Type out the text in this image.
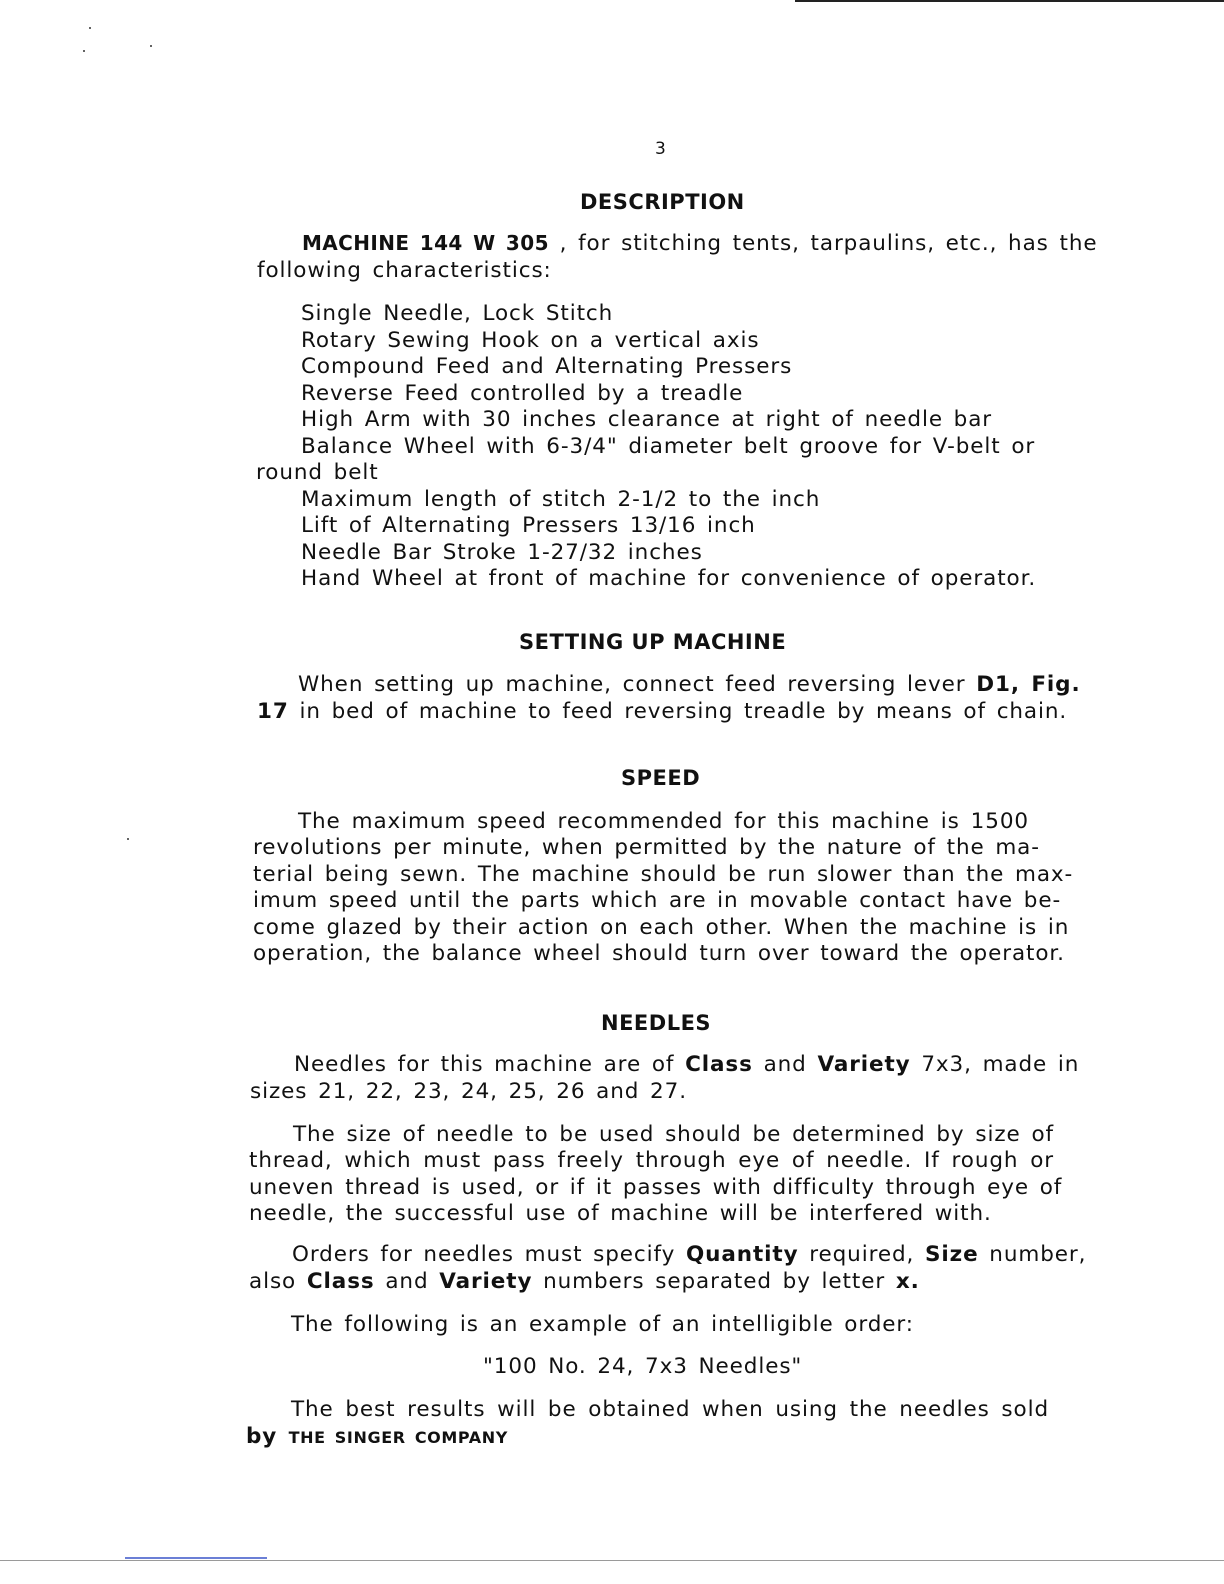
3
DESCRIPTION
MACHINE 144 W 305 , for stitching tents, tarpaulins, etc., has the
following characteristics:
Single Needle, Lock Stitch
Rotary Sewing Hook on a vertical axis
Compound Feed and Alternating Pressers
Reverse Feed controlled by a treadle
High Arm with 30 inches clearance at right of needle bar
Balance Wheel with 6-3/4" diameter belt groove for V-belt or
round belt
Maximum length of stitch 2-1/2 to the inch
Lift of Alternating Pressers 13/16 inch
Needle Bar Stroke 1-27/32 inches
Hand Wheel at front of machine for convenience of operator.
SETTING UP MACHINE
When setting up machine, connect feed reversing lever D1, Fig.
17 in bed of machine to feed reversing treadle by means of chain.
SPEED
The maximum speed recommended for this machine is 1500
revolutions per minute, when permitted by the nature of the ma-
terial being sewn. The machine should be run slower than the max-
imum speed until the parts which are in movable contact have be-
come glazed by their action on each other. When the machine is in
operation, the balance wheel should turn over toward the operator.
NEEDLES
Needles for this machine are of Class and Variety 7x3, made in
sizes 21, 22, 23, 24, 25, 26 and 27.
The size of needle to be used should be determined by size of
thread, which must pass freely through eye of needle. If rough or
uneven thread is used, or if it passes with difficulty through eye of
needle, the successful use of machine will be interfered with.
Orders for needles must specify Quantity required, Size number,
also Class and Variety numbers separated by letter x.
The following is an example of an intelligible order:
"100 No. 24, 7x3 Needles"
The best results will be obtained when using the needles sold
by THE SINGER COMPANY
